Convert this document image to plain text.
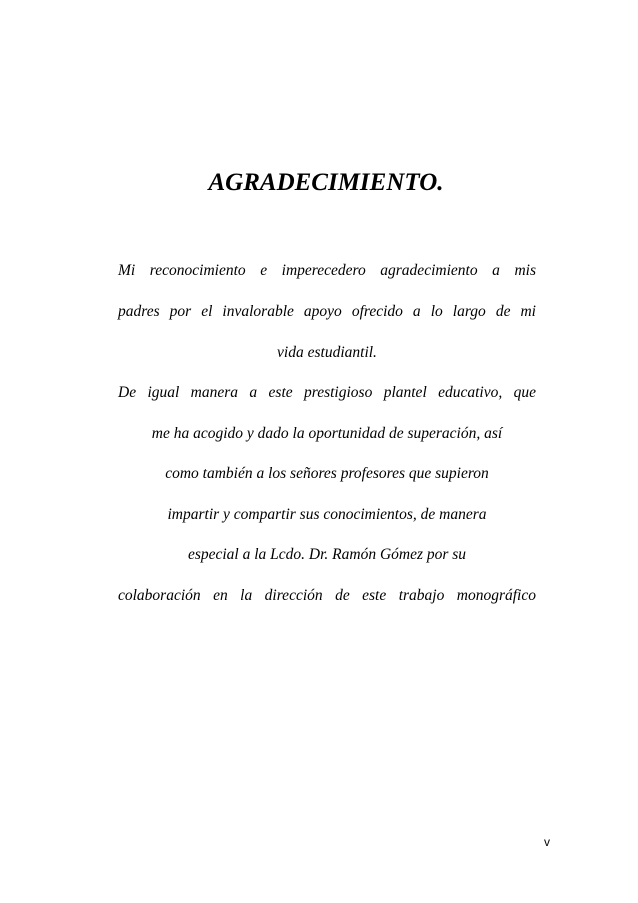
AGRADECIMIENTO.
Mi reconocimiento e imperecedero agradecimiento a mis
padres por el invalorable apoyo ofrecido a lo largo de mi
vida estudiantil.
De igual manera a este prestigioso plantel educativo, que
me ha acogido y dado la oportunidad de superación, así
como también a los señores profesores que supieron
impartir y compartir sus conocimientos, de manera
especial a la Lcdo. Dr. Ramón Gómez por su
colaboración en la dirección de este trabajo monográfico

v
